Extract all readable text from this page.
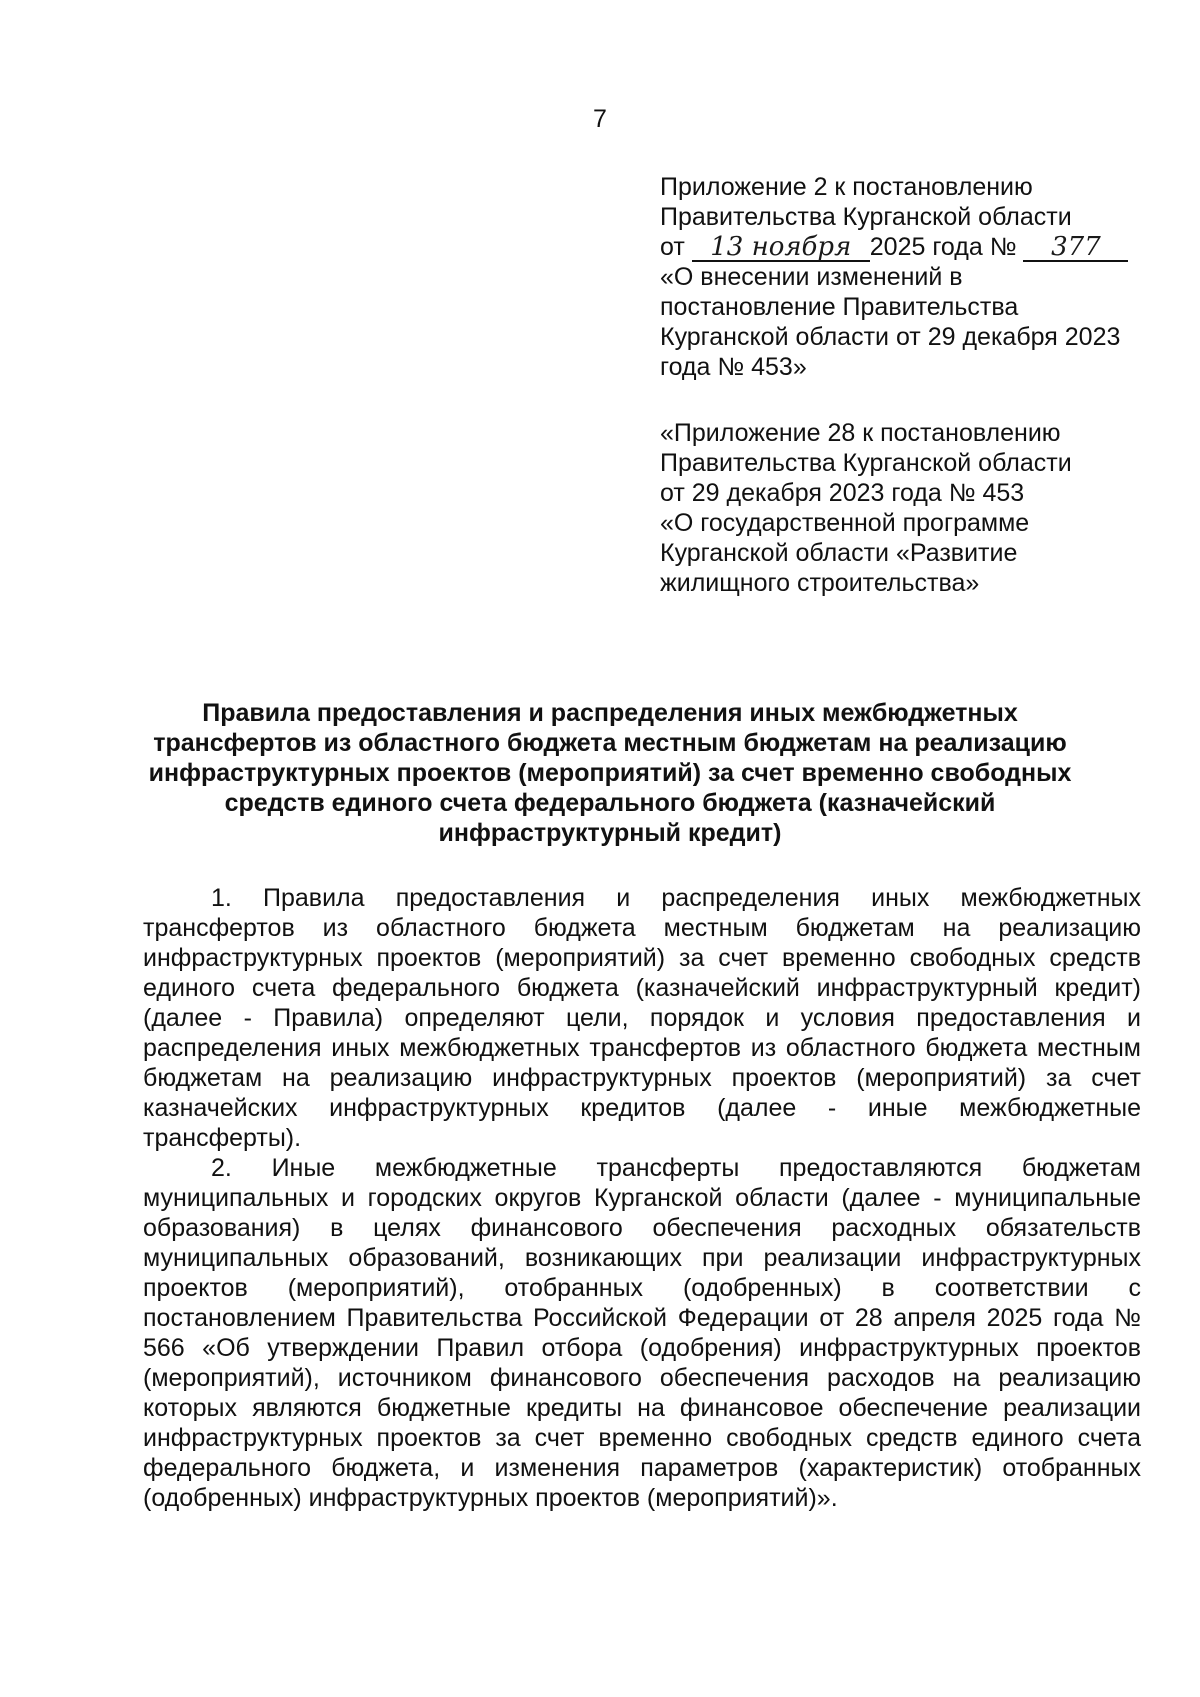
7
Приложение 2 к постановлению
Правительства Курганской области
от 13 ноября 2025 года № 377
«О внесении изменений в
постановление Правительства
Курганской области от 29 декабря 2023
года № 453»
«Приложение 28 к постановлению
Правительства Курганской области
от 29 декабря 2023 года № 453
«О государственной программе
Курганской области «Развитие
жилищного строительства»
Правила предоставления и распределения иных межбюджетных
трансфертов из областного бюджета местным бюджетам на реализацию
инфраструктурных проектов (мероприятий) за счет временно свободных
средств единого счета федерального бюджета (казначейский
инфраструктурный кредит)

1. Правила предоставления и распределения иных межбюджетных трансфертов из областного бюджета местным бюджетам на реализацию инфраструктурных проектов (мероприятий) за счет временно свободных средств единого счета федерального бюджета (казначейский инфраструктурный кредит) (далее - Правила) определяют цели, порядок и условия предоставления и распределения иных межбюджетных трансфертов из областного бюджета местным бюджетам на реализацию инфраструктурных проектов (мероприятий) за счет казначейских инфраструктурных кредитов (далее - иные межбюджетные трансферты).

2. Иные межбюджетные трансферты предоставляются бюджетам муниципальных и городских округов Курганской области (далее - муниципальные образования) в целях финансового обеспечения расходных обязательств муниципальных образований, возникающих при реализации инфраструктурных проектов (мероприятий), отобранных (одобренных) в соответствии с постановлением Правительства Российской Федерации от 28 апреля 2025 года № 566 «Об утверждении Правил отбора (одобрения) инфраструктурных проектов (мероприятий), источником финансового обеспечения расходов на реализацию которых являются бюджетные кредиты на финансовое обеспечение реализации инфраструктурных проектов за счет временно свободных средств единого счета федерального бюджета, и изменения параметров (характеристик) отобранных (одобренных) инфраструктурных проектов (мероприятий)».
